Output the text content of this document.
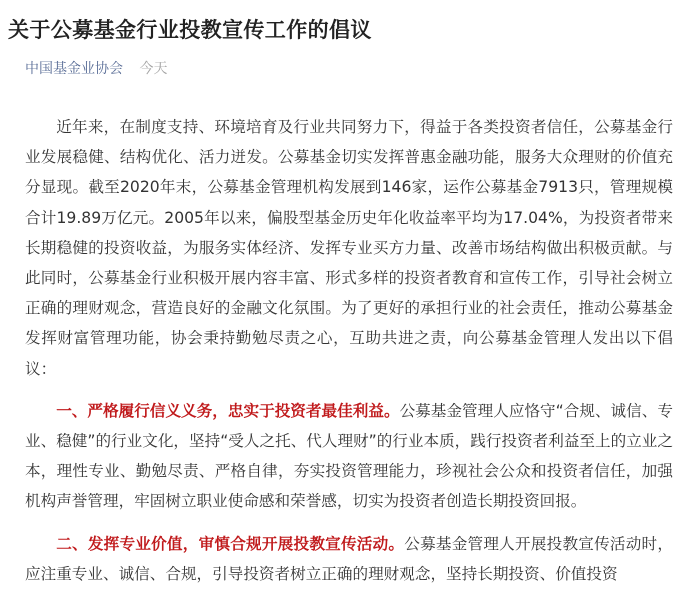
关于公募基金行业投教宣传工作的倡议
中国基金业协会 今天

近年来，在制度支持、环境培育及行业共同努力下，得益于各类投资者信任，公募基金行业发展稳健、结构优化、活力迸发。公募基金切实发挥普惠金融功能，服务大众理财的价值充分显现。截至2020年末，公募基金管理机构发展到146家，运作公募基金7913只，管理规模合计19.89万亿元。2005年以来，偏股型基金历史年化收益率平均为17.04%，为投资者带来长期稳健的投资收益，为服务实体经济、发挥专业买方力量、改善市场结构做出积极贡献。与此同时，公募基金行业积极开展内容丰富、形式多样的投资者教育和宣传工作，引导社会树立正确的理财观念，营造良好的金融文化氛围。为了更好的承担行业的社会责任，推动公募基金发挥财富管理功能，协会秉持勤勉尽责之心，互助共进之责，向公募基金管理人发出以下倡议：

一、严格履行信义义务，忠实于投资者最佳利益。公募基金管理人应恪守“合规、诚信、专业、稳健”的行业文化，坚持“受人之托、代人理财”的行业本质，践行投资者利益至上的立业之本，理性专业、勤勉尽责、严格自律，夯实投资管理能力，珍视社会公众和投资者信任，加强机构声誉管理，牢固树立职业使命感和荣誉感，切实为投资者创造长期投资回报。

二、发挥专业价值，审慎合规开展投教宣传活动。公募基金管理人开展投教宣传活动时，应注重专业、诚信、合规，引导投资者树立正确的理财观念，坚持长期投资、价值投资
